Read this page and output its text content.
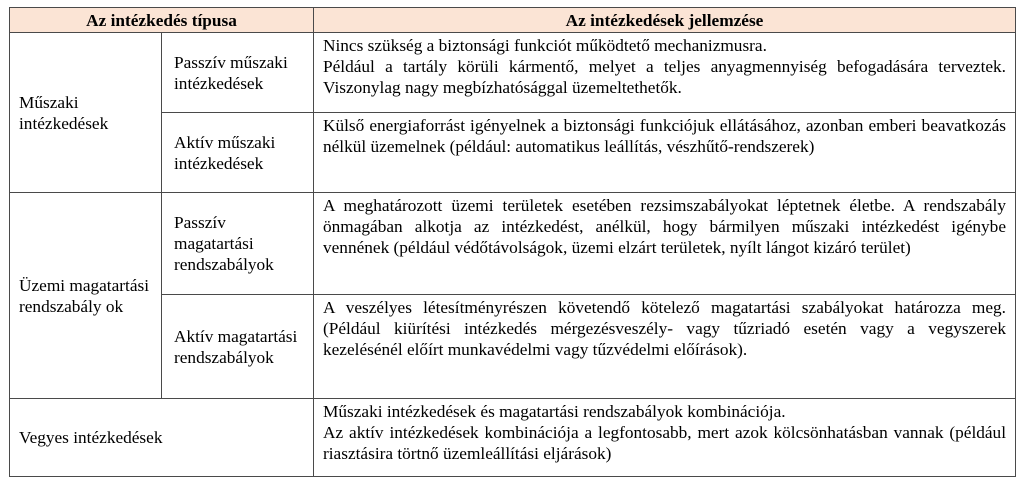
Az intézkedés típusa		Az intézkedések jellemzése
Műszaki intézkedések	Passzív műszaki intézkedések	Nincs szükség a biztonsági funkciót működtető mechanizmusra.

Például a tartály körüli kármentő, melyet a teljes anyagmennyiség befogadására terveztek. Viszonylag nagy megbízhatósággal üzemeltethetők.

	Aktív műszaki intézkedések	Külső energiaforrást igényelnek a biztonsági funkciójuk ellátásához, azonban emberi beavatkozás nélkül üzemelnek (például: automatikus leállítás, vészhűtő-rendszerek)

Üzemi magatartási rendszabály ok	Passzív magatartási rendszabályok	A meghatározott üzemi területek esetében rezsimszabályokat léptetnek életbe. A rendszabály önmagában alkotja az intézkedést, anélkül, hogy bármilyen műszaki intézkedést igénybe vennének (például védőtávolságok, üzemi elzárt területek, nyílt lángot kizáró terület)

	Aktív magatartási rendszabályok	A veszélyes létesítményrészen követendő kötelező magatartási szabályokat határozza meg. (Például kiürítési intézkedés mérgezésveszély- vagy tűzriadó esetén vagy a vegyszerek kezelésénél előírt munkavédelmi vagy tűzvédelmi előírások).

Vegyes intézkedések		Műszaki intézkedések és magatartási rendszabályok kombinációja.

Az aktív intézkedések kombinációja a legfontosabb, mert azok kölcsönhatásban vannak (például riasztásira törtnő üzemleállítási eljárások)
